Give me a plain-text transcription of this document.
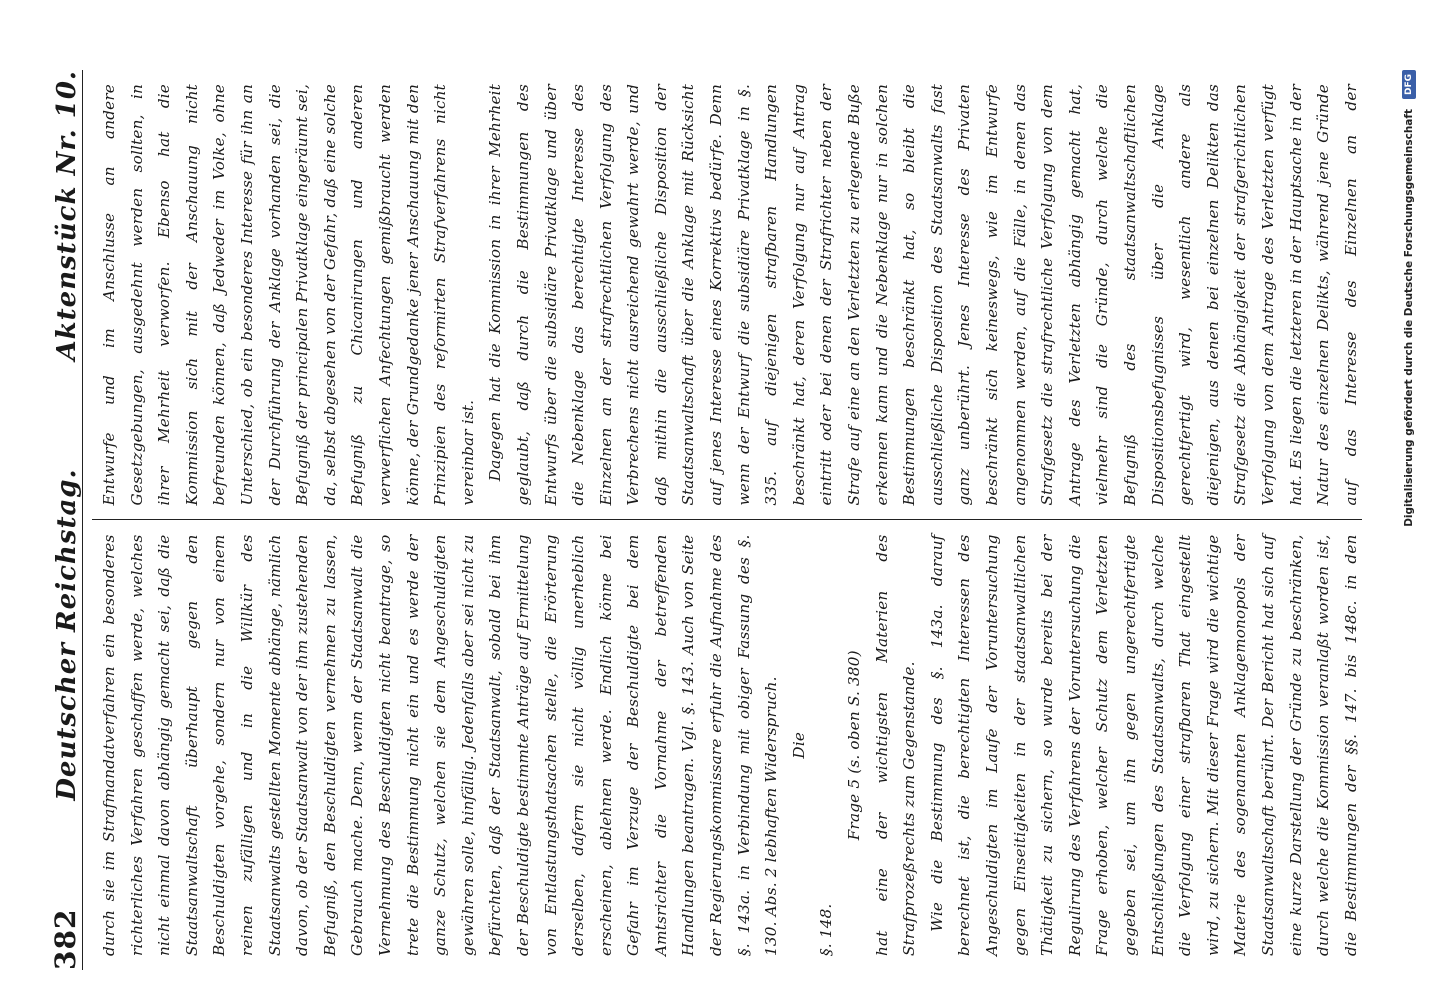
382
Deutscher Reichstag.
Aktenstück Nr. 10.

durch sie im Strafmandatverfahren ein besonderes richterliches Verfahren geschaffen werde, welches nicht einmal davon abhängig gemacht sei, daß die Staatsanwaltschaft überhaupt gegen den Beschuldigten vorgehe, sondern nur von einem reinen zufälligen und in die Willkür des Staatsanwalts gestellten Momente abhänge, nämlich davon, ob der Staatsanwalt von der ihm zustehenden Befugniß, den Beschuldigten vernehmen zu lassen, Gebrauch mache. Denn, wenn der Staatsanwalt die Vernehmung des Beschuldigten nicht beantrage, so trete die Bestimmung nicht ein und es werde der ganze Schutz, welchen sie dem Angeschuldigten gewähren solle, hinfällig. Jedenfalls aber sei nicht zu befürchten, daß der Staatsanwalt, sobald bei ihm der Beschuldigte bestimmte Anträge auf Ermittelung von Entlastungsthatsachen stelle, die Erörterung derselben, dafern sie nicht völlig unerheblich erscheinen, ablehnen werde. Endlich könne bei Gefahr im Verzuge der Beschuldigte bei dem Amtsrichter die Vornahme der betreffenden Handlungen beantragen. Vgl. §. 143. Auch von Seite der Regierungskommissare erfuhr die Aufnahme des §. 143a. in Verbindung mit obiger Fassung des §. 130. Abs. 2 lebhaften Widerspruch. Die

§. 148.

Frage 5 (s. oben S. 380) hat eine der wichtigsten Materien des Strafprozeßrechts zum Gegenstande. Wie die Bestimmung des §. 143a. darauf berechnet ist, die berechtigten Interessen des Angeschuldigten im Laufe der Voruntersuchung gegen Einseitigkeiten in der staatsanwaltlichen Thätigkeit zu sichern, so wurde bereits bei der Regulirung des Verfahrens der Voruntersuchung die Frage erhoben, welcher Schutz dem Verletzten gegeben sei, um ihn gegen ungerechtfertigte Entschließungen des Staatsanwalts, durch welche die Verfolgung einer strafbaren That eingestellt wird, zu sichern. Mit dieser Frage wird die wichtige Materie des sogenannten Anklagemonopols der Staatsanwaltschaft berührt. Der Bericht hat sich auf eine kurze Darstellung der Gründe zu beschränken, durch welche die Kommission veranlaßt worden ist, die Bestimmungen der §§. 147. bis 148c. in den

Entwurfe und im Anschlusse an andere Gesetzgebungen, ausgedehnt werden sollten, in ihrer Mehrheit verworfen. Ebenso hat die Kommission sich mit der Anschauung nicht befreunden können, daß Jedweder im Volke, ohne Unterschied, ob ein besonderes Interesse für ihn an der Durchführung der Anklage vorhanden sei, die Befugniß der principalen Privatklage eingeräumt sei, da, selbst abgesehen von der Gefahr, daß eine solche Befugniß zu Chicanirungen und anderen verwerflichen Anfechtungen gemißbraucht werden könne, der Grundgedanke jener Anschauung mit den Prinzipien des reformirten Strafverfahrens nicht vereinbar ist. Dagegen hat die Kommission in ihrer Mehrheit geglaubt, daß durch die Bestimmungen des Entwurfs über die subsidiäre Privatklage und über die Nebenklage das berechtigte Interesse des Einzelnen an der strafrechtlichen Verfolgung des Verbrechens nicht ausreichend gewahrt werde, und daß mithin die ausschließliche Disposition der Staatsanwaltschaft über die Anklage mit Rücksicht auf jenes Interesse eines Korrektivs bedürfe. Denn wenn der Entwurf die subsidiäre Privatklage in §. 335. auf diejenigen strafbaren Handlungen beschränkt hat, deren Verfolgung nur auf Antrag eintritt oder bei denen der Strafrichter neben der Strafe auf eine an den Verletzten zu erlegende Buße erkennen kann und die Nebenklage nur in solchen Bestimmungen beschränkt hat, so bleibt die ausschließliche Disposition des Staatsanwalts fast ganz unberührt. Jenes Interesse des Privaten beschränkt sich keineswegs, wie im Entwurfe angenommen werden, auf die Fälle, in denen das Strafgesetz die strafrechtliche Verfolgung von dem Antrage des Verletzten abhängig gemacht hat, vielmehr sind die Gründe, durch welche die Befugniß des staatsanwaltschaftlichen Dispositionsbefugnisses über die Anklage gerechtfertigt wird, wesentlich andere als diejenigen, aus denen bei einzelnen Delikten das Strafgesetz die Abhängigkeit der strafgerichtlichen Verfolgung von dem Antrage des Verletzten verfügt hat. Es liegen die letzteren in der Hauptsache in der Natur des einzelnen Delikts, während jene Gründe auf das Interesse des Einzelnen an der

Digitalisierung gefördert durch die Deutsche Forschungsgemeinschaft
DFG
